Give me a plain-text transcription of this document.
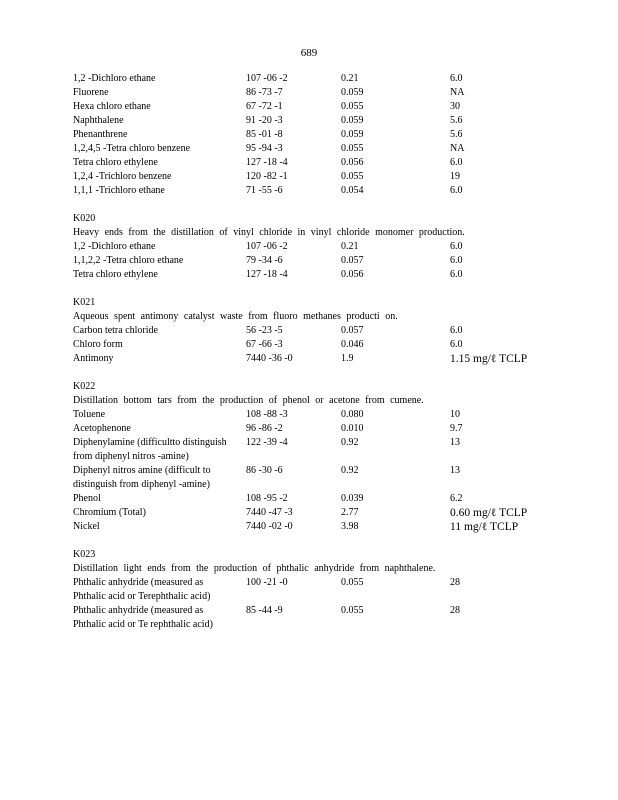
689
1,2 -Dichloro ethane	107 -06 -2	0.21	6.0
Fluorene	86 -73 -7	0.059	NA
Hexa chloro ethane	67 -72 -1	0.055	30
Naphthalene	91 -20 -3	0.059	5.6
Phenanthrene	85 -01 -8	0.059	5.6
1,2,4,5 -Tetra chloro benzene	95 -94 -3	0.055	NA
Tetra chloro ethylene	127 -18 -4	0.056	6.0
1,2,4 -Trichloro benzene	120 -82 -1	0.055	19
1,1,1 -Trichloro ethane	71 -55 -6	0.054	6.0
K020
Heavy ends from the distillation of vinyl chloride in vinyl chloride monomer production.
1,2 -Dichloro ethane	107 -06 -2	0.21	6.0
1,1,2,2 -Tetra chloro ethane	79 -34 -6	0.057	6.0
Tetra chloro ethylene	127 -18 -4	0.056	6.0
K021
Aqueous spent antimony catalyst waste from fluoro methanes producti on.
Carbon tetra chloride	56 -23 -5	0.057	6.0
Chloro form	67 -66 -3	0.046	6.0
Antimony	7440 -36 -0	1.9	1.15 mg/ℓ TCLP
K022
Distillation bottom tars from the production of phenol or acetone from cumene.
Toluene	108 -88 -3	0.080	10
Acetophenone	96 -86 -2	0.010	9.7
Diphenylamine (difficultto distinguish from diphenyl nitros -amine)
122 -39 -4	0.92	13
Diphenyl nitros amine (difficult to distinguish from diphenyl -amine)
86 -30 -6	0.92	13
Phenol	108 -95 -2	0.039	6.2
Chromium (Total)	7440 -47 -3	2.77	0.60 mg/ℓ TCLP
Nickel	7440 -02 -0	3.98	11 mg/ℓ TCLP
K023
Distillation light ends from the production of phthalic anhydride from naphthalene.
Phthalic anhydride (measured as Phthalic acid or Terephthalic acid)
100 -21 -0	0.055	28
Phthalic anhydride (measured as Phthalic acid or Te rephthalic acid)
85 -44 -9	0.055	28
